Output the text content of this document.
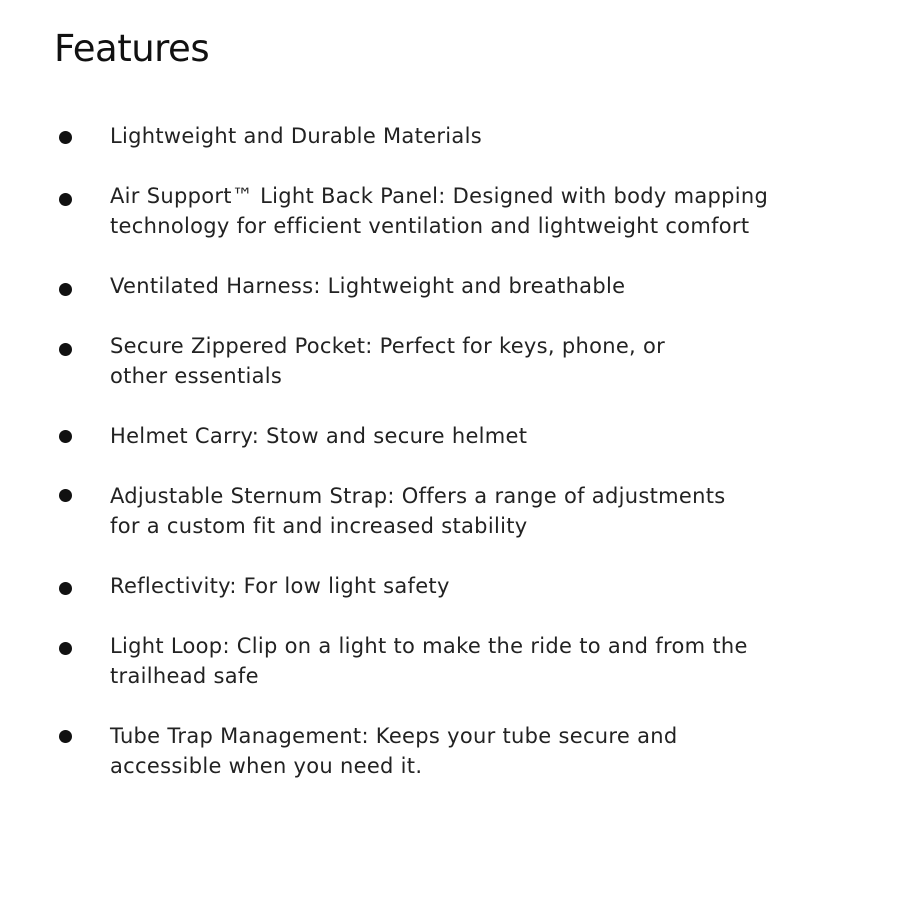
Features
Lightweight and Durable Materials
Air Support™ Light Back Panel: Designed with body mapping
technology for efficient ventilation and lightweight comfort
Ventilated Harness: Lightweight and breathable
Secure Zippered Pocket: Perfect for keys, phone, or
other essentials
Helmet Carry: Stow and secure helmet
Adjustable Sternum Strap: Offers a range of adjustments
for a custom fit and increased stability
Reflectivity: For low light safety
Light Loop: Clip on a light to make the ride to and from the
trailhead safe
Tube Trap Management: Keeps your tube secure and
accessible when you need it.
